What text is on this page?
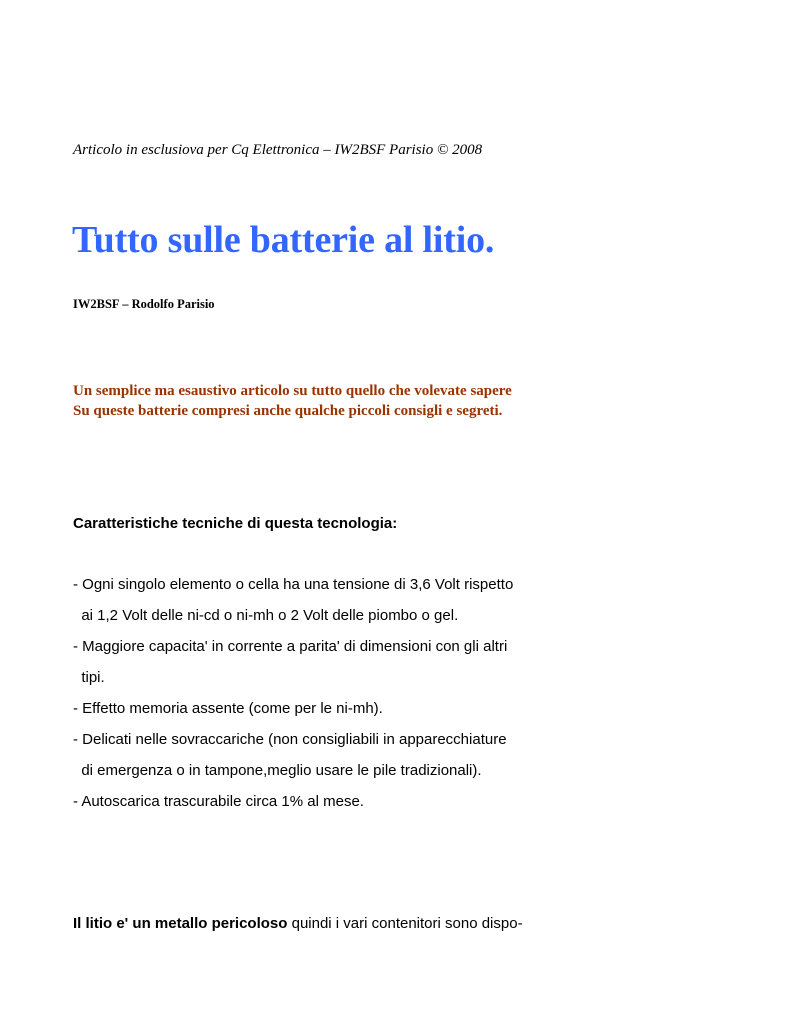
Articolo in esclusiova per Cq Elettronica – IW2BSF Parisio © 2008
Tutto sulle batterie al litio.
IW2BSF – Rodolfo Parisio
Un semplice ma esaustivo articolo su tutto quello che volevate sapere
Su queste batterie compresi anche qualche piccoli consigli e segreti.
Caratteristiche tecniche di questa tecnologia:
- Ogni singolo elemento o cella ha una tensione di 3,6 Volt rispetto
ai 1,2 Volt delle ni-cd o ni-mh o 2 Volt delle piombo o gel.
- Maggiore capacita' in corrente a parita' di dimensioni con gli altri
tipi.
- Effetto memoria assente (come per le ni-mh).
- Delicati nelle sovraccariche (non consigliabili in apparecchiature
di emergenza o in tampone,meglio usare le pile tradizionali).
- Autoscarica trascurabile circa 1% al mese.
Il litio e' un metallo pericoloso quindi i vari contenitori sono dispo-
